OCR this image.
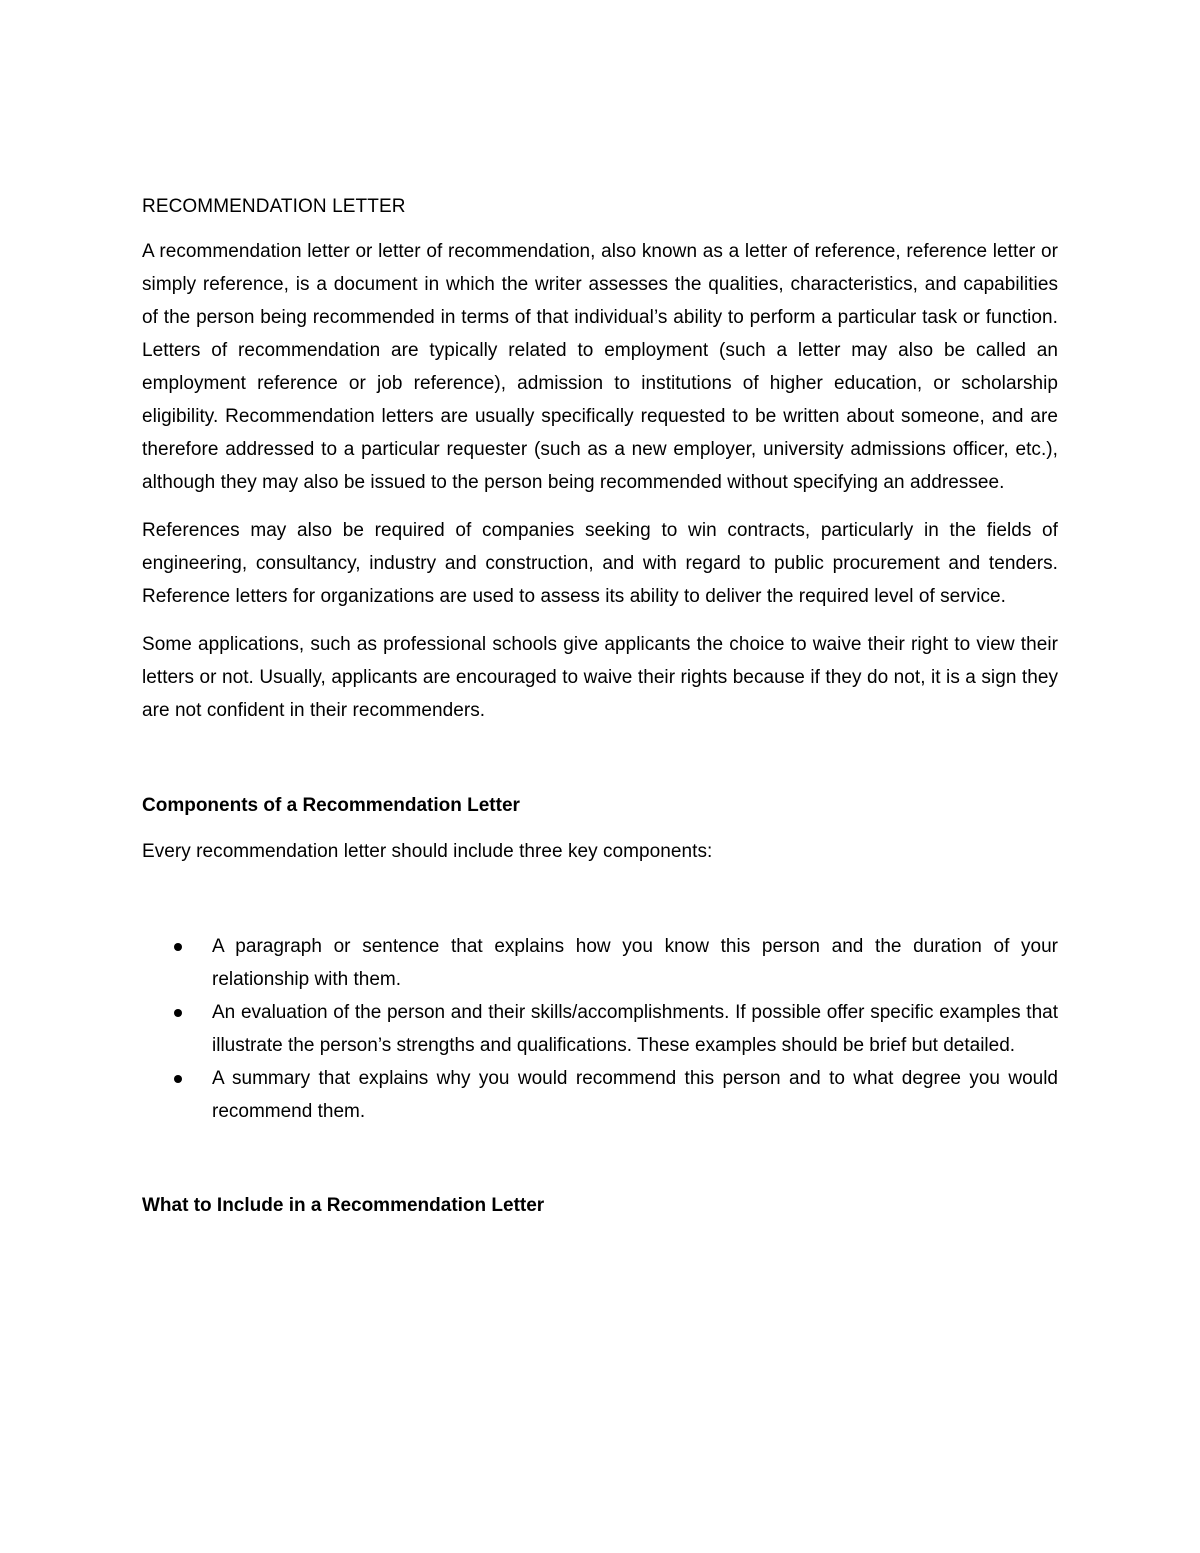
RECOMMENDATION LETTER

A recommendation letter or letter of recommendation, also known as a letter of reference, reference letter or simply reference, is a document in which the writer assesses the qualities, characteristics, and capabilities of the person being recommended in terms of that individual’s ability to perform a particular task or function. Letters of recommendation are typically related to employment (such a letter may also be called an employment reference or job reference), admission to institutions of higher education, or scholarship eligibility. Recommendation letters are usually specifically requested to be written about someone, and are therefore addressed to a particular requester (such as a new employer, university admissions officer, etc.), although they may also be issued to the person being recommended without specifying an addressee.

References may also be required of companies seeking to win contracts, particularly in the fields of engineering, consultancy, industry and construction, and with regard to public procurement and tenders. Reference letters for organizations are used to assess its ability to deliver the required level of service.

Some applications, such as professional schools give applicants the choice to waive their right to view their letters or not. Usually, applicants are encouraged to waive their rights because if they do not, it is a sign they are not confident in their recommenders.

Components of a Recommendation Letter

Every recommendation letter should include three key components:

A paragraph or sentence that explains how you know this person and the duration of your relationship with them.
An evaluation of the person and their skills/accomplishments. If possible offer specific examples that illustrate the person’s strengths and qualifications. These examples should be brief but detailed.
A summary that explains why you would recommend this person and to what degree you would recommend them.
What to Include in a Recommendation Letter
